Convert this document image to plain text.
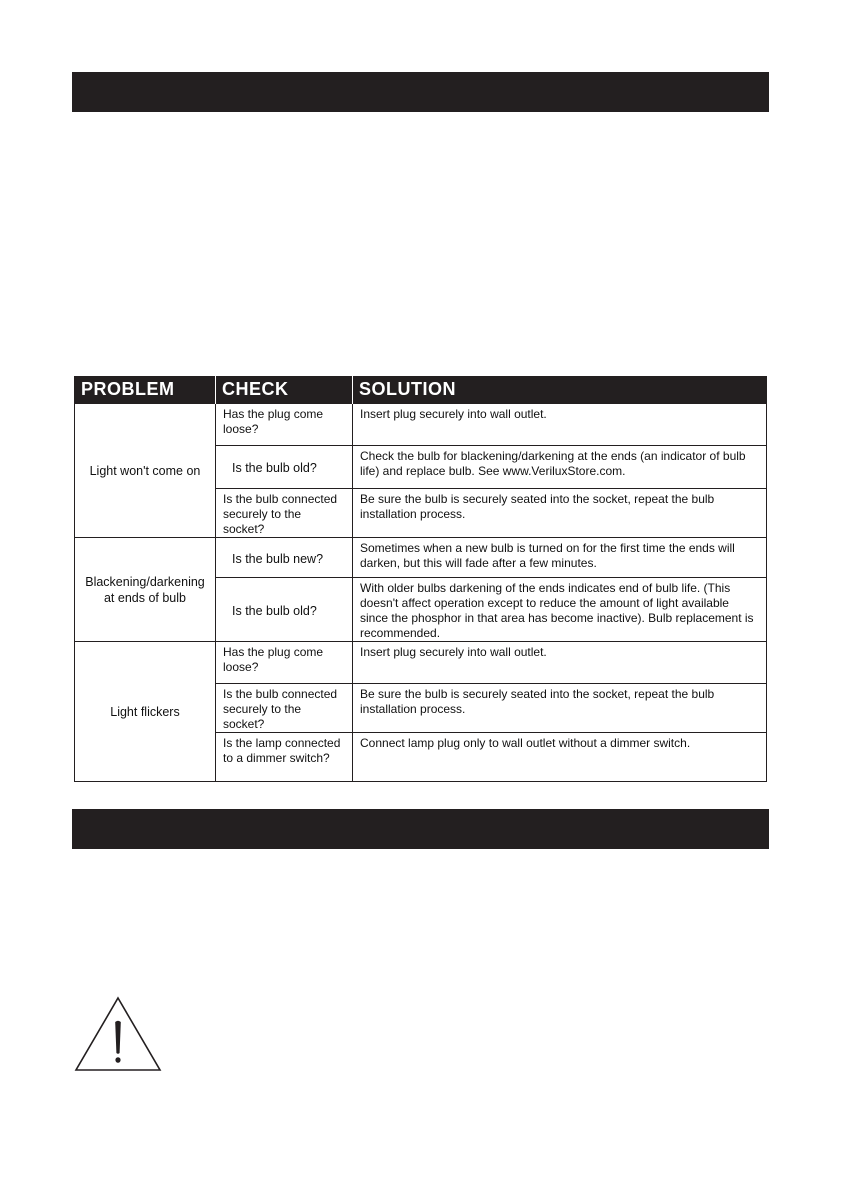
PROBLEM	CHECK	SOLUTION
Light won't come on	Has the plug come loose?	Insert plug securely into wall outlet.
	Is the bulb old?	Check the bulb for blackening/darkening at the ends (an indicator of bulb life) and replace bulb. See www.VeriluxStore.com.
	Is the bulb connected securely to the socket?	Be sure the bulb is securely seated into the socket, repeat the bulb installation process.
Blackening/darkening at ends of bulb	Is the bulb new?	Sometimes when a new bulb is turned on for the first time the ends will darken, but this will fade after a few minutes.
	Is the bulb old?	With older bulbs darkening of the ends indicates end of bulb life. (This doesn't affect operation except to reduce the amount of light available since the phosphor in that area has become inactive). Bulb replacement is recommended.
Light flickers	Has the plug come loose?	Insert plug securely into wall outlet.
	Is the bulb connected securely to the socket?	Be sure the bulb is securely seated into the socket, repeat the bulb installation process.
	Is the lamp connected to a dimmer switch?	Connect lamp plug only to wall outlet without a dimmer switch.
